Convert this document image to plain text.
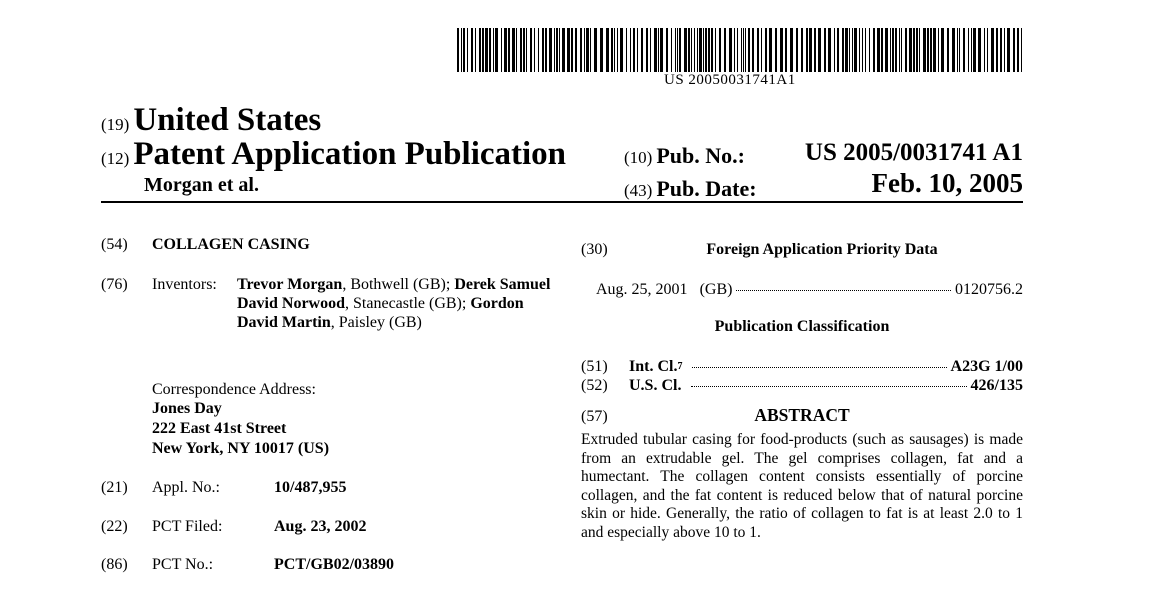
US 20050031741A1
(19) United States
(12) Patent Application Publication
Morgan et al.
(10) Pub. No.:	US 2005/0031741 A1
(43) Pub. Date:	Feb. 10, 2005
(54) COLLAGEN CASING
(76) Inventors: Trevor Morgan, Bothwell (GB); Derek Samuel David Norwood, Stanecastle (GB); Gordon David Martin, Paisley (GB)
Correspondence Address:
Jones Day
222 East 41st Street
New York, NY 10017 (US)
(21) Appl. No.:	10/487,955
(22) PCT Filed:	Aug. 23, 2002
(86) PCT No.:	PCT/GB02/03890
(30)	Foreign Application Priority Data
Aug. 25, 2001 (GB)	0120756.2
Publication Classification
(51)	Int. Cl. 7	A23G 1/00
(52)	U.S. Cl.	426/135
(57)	ABSTRACT
Extruded tubular casing for food-products (such as sausages) is made from an extrudable gel. The gel comprises collagen, fat and a humectant. The collagen content consists essentially of porcine collagen, and the fat content is reduced below that of natural porcine skin or hide. Generally, the ratio of collagen to fat is at least 2.0 to 1 and especially above 10 to 1.
